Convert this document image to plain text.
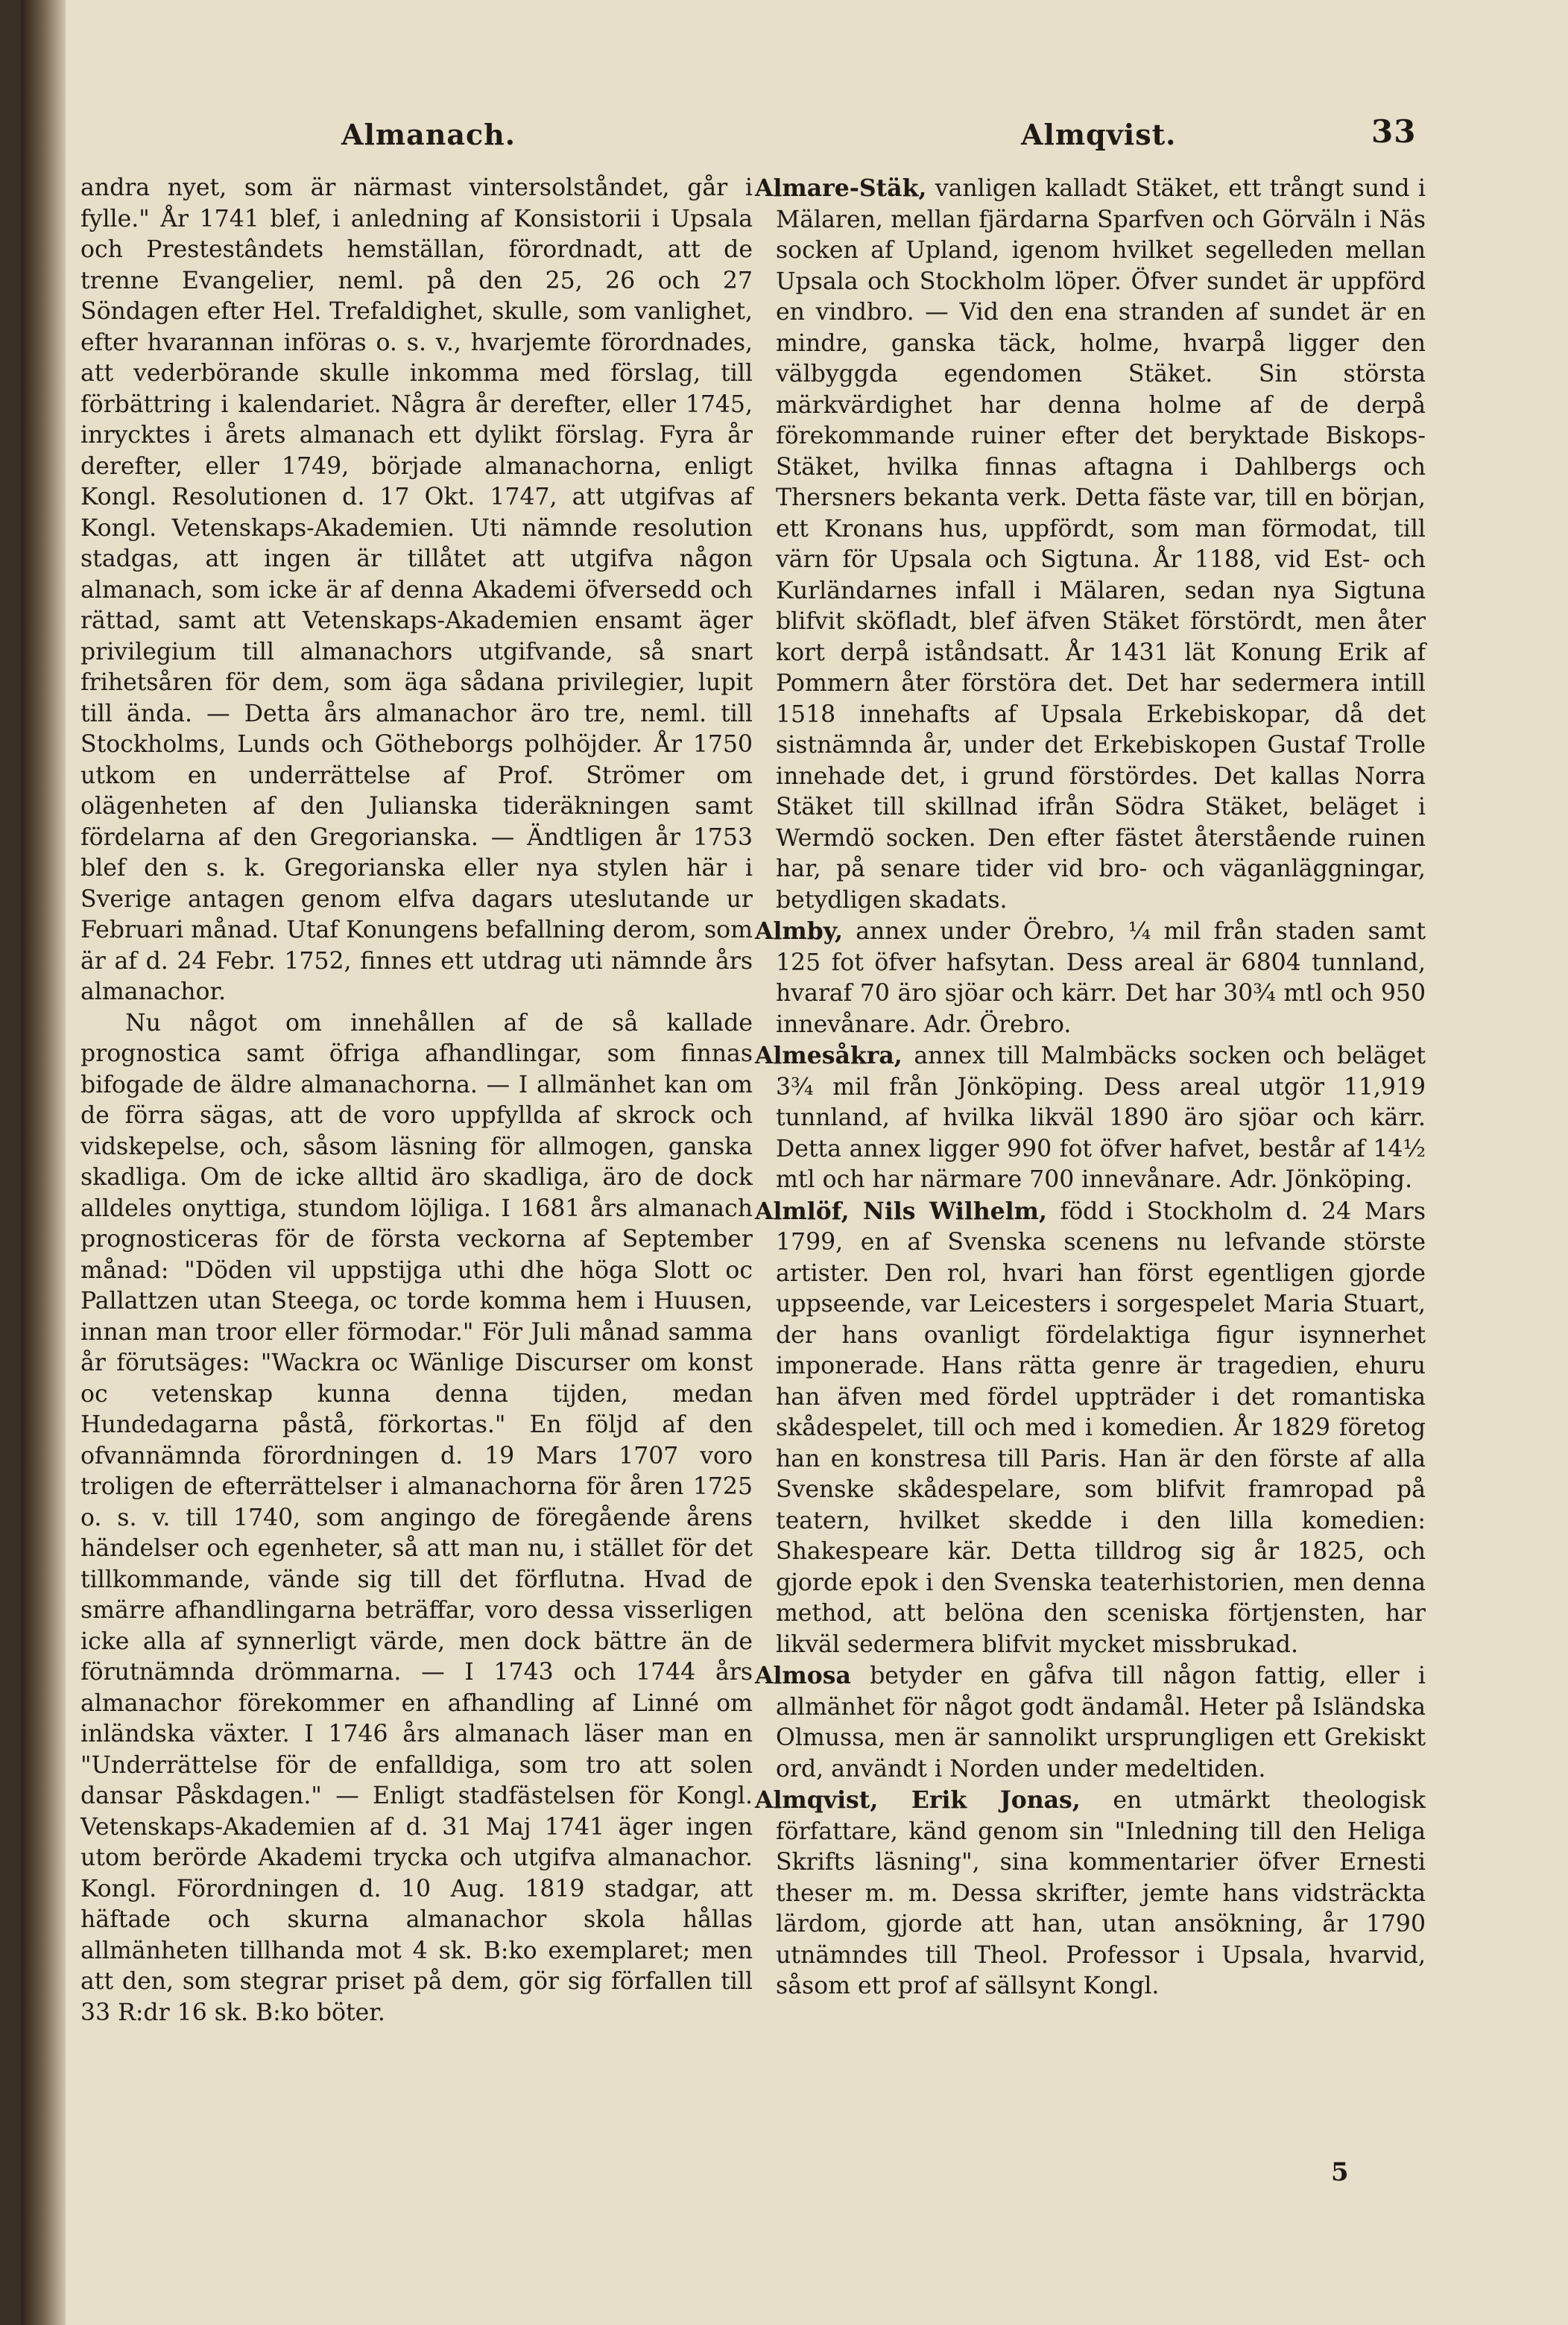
Almanach.	Almqvist.	33

andra nyet, som är närmast vintersolståndet, går i fylle." År 1741 blef, i anledning af Konsistorii i Upsala och Prestestândets hemställan, förordnadt, att de trenne Evangelier, neml. på den 25, 26 och 27 Söndagen efter Hel. Trefaldighet, skulle, som vanlighet, efter hvarannan införas o. s. v., hvarjemte förordnades, att vederbörande skulle inkomma med förslag, till förbättring i kalendariet. Några år derefter, eller 1745, inrycktes i årets almanach ett dylikt förslag. Fyra år derefter, eller 1749, började almanachorna, enligt Kongl. Resolutionen d. 17 Okt. 1747, att utgifvas af Kongl. Vetenskaps-Akademien. Uti nämnde resolution stadgas, att ingen är tillåtet att utgifva någon almanach, som icke är af denna Akademi öfversedd och rättad, samt att Vetenskaps-Akademien ensamt äger privilegium till almanachors utgifvande, så snart frihetsåren för dem, som äga sådana privilegier, lupit till ända. — Detta års almanachor äro tre, neml. till Stockholms, Lunds och Götheborgs polhöjder. År 1750 utkom en underrättelse af Prof. Strömer om olägenheten af den Julianska tideräkningen samt fördelarna af den Gregorianska. — Ändtligen år 1753 blef den s. k. Gregorianska eller nya stylen här i Sverige antagen genom elfva dagars uteslutande ur Februari månad. Utaf Konungens befallning derom, som är af d. 24 Febr. 1752, finnes ett utdrag uti nämnde års almanachor.

Nu något om innehållen af de så kallade prognostica samt öfriga afhandlingar, som finnas bifogade de äldre almanachorna. — I allmänhet kan om de förra sägas, att de voro uppfyllda af skrock och vidskepelse, och, såsom läsning för allmogen, ganska skadliga. Om de icke alltid äro skadliga, äro de dock alldeles onyttiga, stundom löjliga. I 1681 års almanach prognosticeras för de första veckorna af September månad: "Döden vil uppstijga uthi dhe höga Slott oc Pallattzen utan Steega, oc torde komma hem i Huusen, innan man troor eller förmodar." För Juli månad samma år förutsäges: "Wackra oc Wänlige Discurser om konst oc vetenskap kunna denna tijden, medan Hundedagarna påstå, förkortas." En följd af den ofvannämnda förordningen d. 19 Mars 1707 voro troligen de efterrättelser i almanachorna för åren 1725 o. s. v. till 1740, som angingo de föregående årens händelser och egenheter, så att man nu, i stället för det tillkommande, vände sig till det förflutna. Hvad de smärre afhandlingarna beträffar, voro dessa visserligen icke alla af synnerligt värde, men dock bättre än de förutnämnda drömmarna. — I 1743 och 1744 års almanachor förekommer en afhandling af Linné om inländska växter. I 1746 års almanach läser man en "Underrättelse för de enfalldiga, som tro att solen dansar Påskdagen." — Enligt stadfästelsen för Kongl. Vetenskaps-Akademien af d. 31 Maj 1741 äger ingen utom berörde Akademi trycka och utgifva almanachor. Kongl. Förordningen d. 10 Aug. 1819 stadgar, att häftade och skurna almanachor skola hållas allmänheten tillhanda mot 4 sk. B:ko exemplaret; men att den, som stegrar priset på dem, gör sig förfallen till 33 R:dr 16 sk. B:ko böter.

Almare-Stäk, vanligen kalladt Stäket, ett trångt sund i Mälaren, mellan fjärdarna Sparfven och Görväln i Näs socken af Upland, igenom hvilket segelleden mellan Upsala och Stockholm löper. Öfver sundet är uppförd en vindbro. — Vid den ena stranden af sundet är en mindre, ganska täck, holme, hvarpå ligger den välbyggda egendomen Stäket. Sin största märkvärdighet har denna holme af de derpå förekommande ruiner efter det beryktade Biskops-Stäket, hvilka finnas aftagna i Dahlbergs och Thersners bekanta verk. Detta fäste var, till en början, ett Kronans hus, uppfördt, som man förmodat, till värn för Upsala och Sigtuna. År 1188, vid Est- och Kurländarnes infall i Mälaren, sedan nya Sigtuna blifvit sköfladt, blef äfven Stäket förstördt, men åter kort derpå iståndsatt. År 1431 lät Konung Erik af Pommern åter förstöra det. Det har sedermera intill 1518 innehafts af Upsala Erkebiskopar, då det sistnämnda år, under det Erkebiskopen Gustaf Trolle innehade det, i grund förstördes. Det kallas Norra Stäket till skillnad ifrån Södra Stäket, beläget i Wermdö socken. Den efter fästet återstående ruinen har, på senare tider vid bro- och väganläggningar, betydligen skadats.

Almby, annex under Örebro, ¼ mil från staden samt 125 fot öfver hafsytan. Dess areal är 6804 tunnland, hvaraf 70 äro sjöar och kärr. Det har 30¾ mtl och 950 innevånare. Adr. Örebro.

Almesåkra, annex till Malmbäcks socken och beläget 3¾ mil från Jönköping. Dess areal utgör 11,919 tunnland, af hvilka likväl 1890 äro sjöar och kärr. Detta annex ligger 990 fot öfver hafvet, består af 14½ mtl och har närmare 700 innevånare. Adr. Jönköping.

Almlöf, Nils Wilhelm, född i Stockholm d. 24 Mars 1799, en af Svenska scenens nu lefvande störste artister. Den rol, hvari han först egentligen gjorde uppseende, var Leicesters i sorgespelet Maria Stuart, der hans ovanligt fördelaktiga figur isynnerhet imponerade. Hans rätta genre är tragedien, ehuru han äfven med fördel uppträder i det romantiska skådespelet, till och med i komedien. År 1829 företog han en konstresa till Paris. Han är den förste af alla Svenske skådespelare, som blifvit framropad på teatern, hvilket skedde i den lilla komedien: Shakespeare kär. Detta tilldrog sig år 1825, och gjorde epok i den Svenska teaterhistorien, men denna method, att belöna den sceniska förtjensten, har likväl sedermera blifvit mycket missbrukad.

Almosa betyder en gåfva till någon fattig, eller i allmänhet för något godt ändamål. Heter på Isländska Olmussa, men är sannolikt ursprungligen ett Grekiskt ord, användt i Norden under medeltiden.

Almqvist, Erik Jonas, en utmärkt theologisk författare, känd genom sin "Inledning till den Heliga Skrifts läsning", sina kommentarier öfver Ernesti theser m. m. Dessa skrifter, jemte hans vidsträckta lärdom, gjorde att han, utan ansökning, år 1790 utnämndes till Theol. Professor i Upsala, hvarvid, såsom ett prof af sällsynt Kongl.

5
